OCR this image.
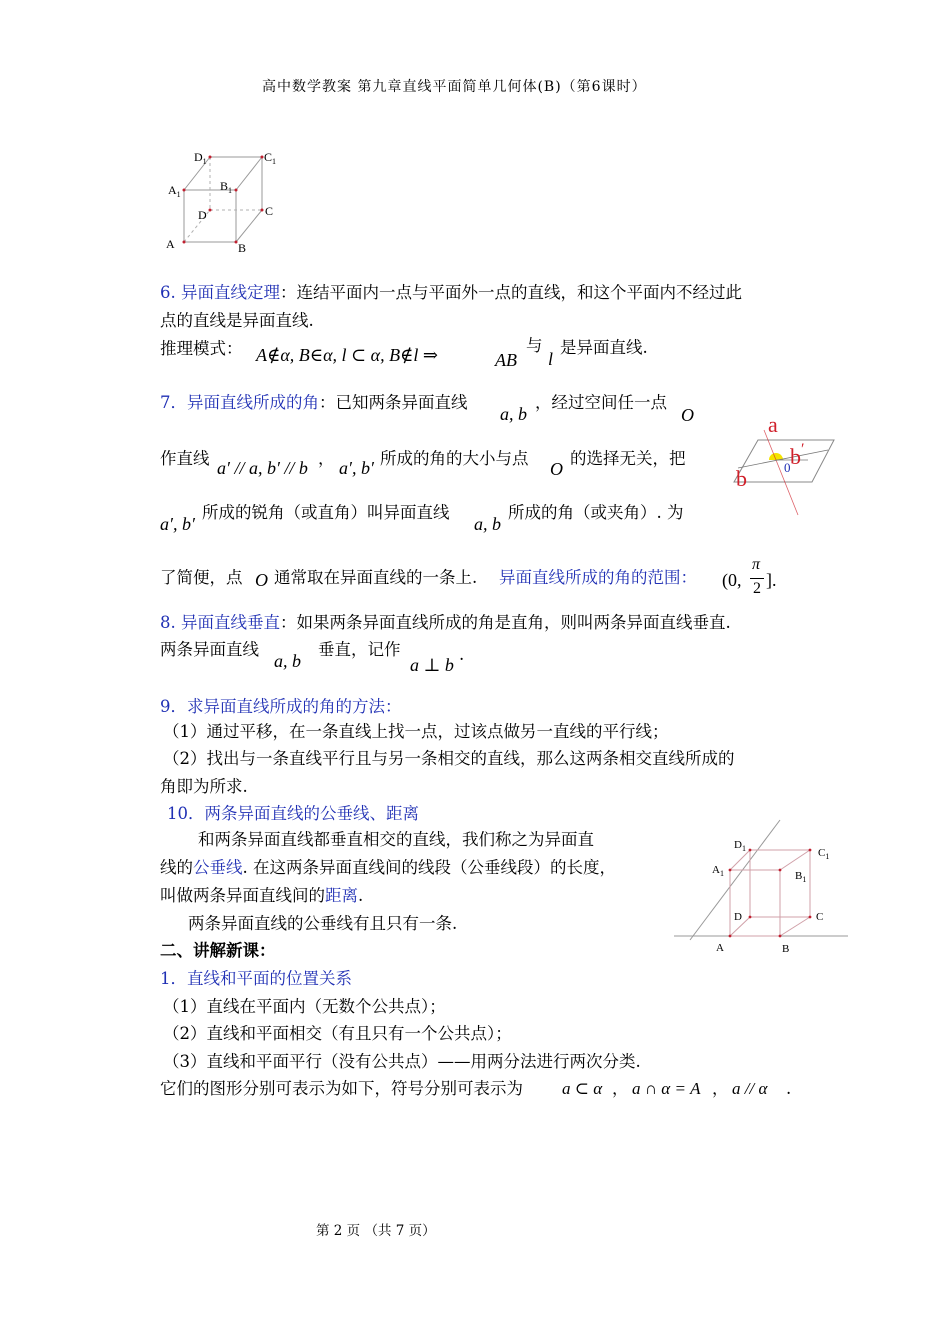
高中数学教案 第九章直线平面简单几何体(B)（第6课时）
$D_1$	$C_1$
$A_1$
$B_1$
D	C
A	B
6. 异面直线定理：连结平面内一点与平面外一点的直线，和这个平面内不经过此
点的直线是异面直线.
推理模式： A∉α, B∈α, l ⊂ α, B∉l ⇒	AB
与
l
是异面直线.
7．异面直线所成的角：已知两条异面直线
a, b
，经过空间任一点
O
作直线 a′ // a, b′ // b ， a′, b′ 所成的角的大小与点
O
的选择无关，把
a′, b′
所成的锐角（或直角）叫异面直线
a, b
所成的角（或夹角）. 为
了简便，点 O 通常取在异面直线的一条上. 异面直线所成的角的范围： (0,
π
2 ].
a
b′
b	0
8. 异面直线垂直：如果两条异面直线所成的角是直角，则叫两条异面直线垂直.
两条异面直线
a, b
垂直，记作
a ⊥ b
.
9．求异面直线所成的角的方法：
（1）通过平移，在一条直线上找一点，过该点做另一直线的平行线；
（2）找出与一条直线平行且与另一条相交的直线，那么这两条相交直线所成的
角即为所求.
10．两条异面直线的公垂线、距离
和两条异面直线都垂直相交的直线，我们称之为异面直
线的公垂线. 在这两条异面直线间的线段（公垂线段）的长度，
叫做两条异面直线间的距离.
两条异面直线的公垂线有且只有一条.
$D_1$	$C_1$
$A_1$	$B_1$
D	C
A	B
二、讲解新课：
1．直线和平面的位置关系
（1）直线在平面内（无数个公共点）；
（2）直线和平面相交（有且只有一个公共点）；
（3）直线和平面平行（没有公共点）——用两分法进行两次分类.
它们的图形分别可表示为如下，符号分别可表示为 a ⊂ α ， a ∩ α = A ， a // α .
第 2 页 （共 7 页）
